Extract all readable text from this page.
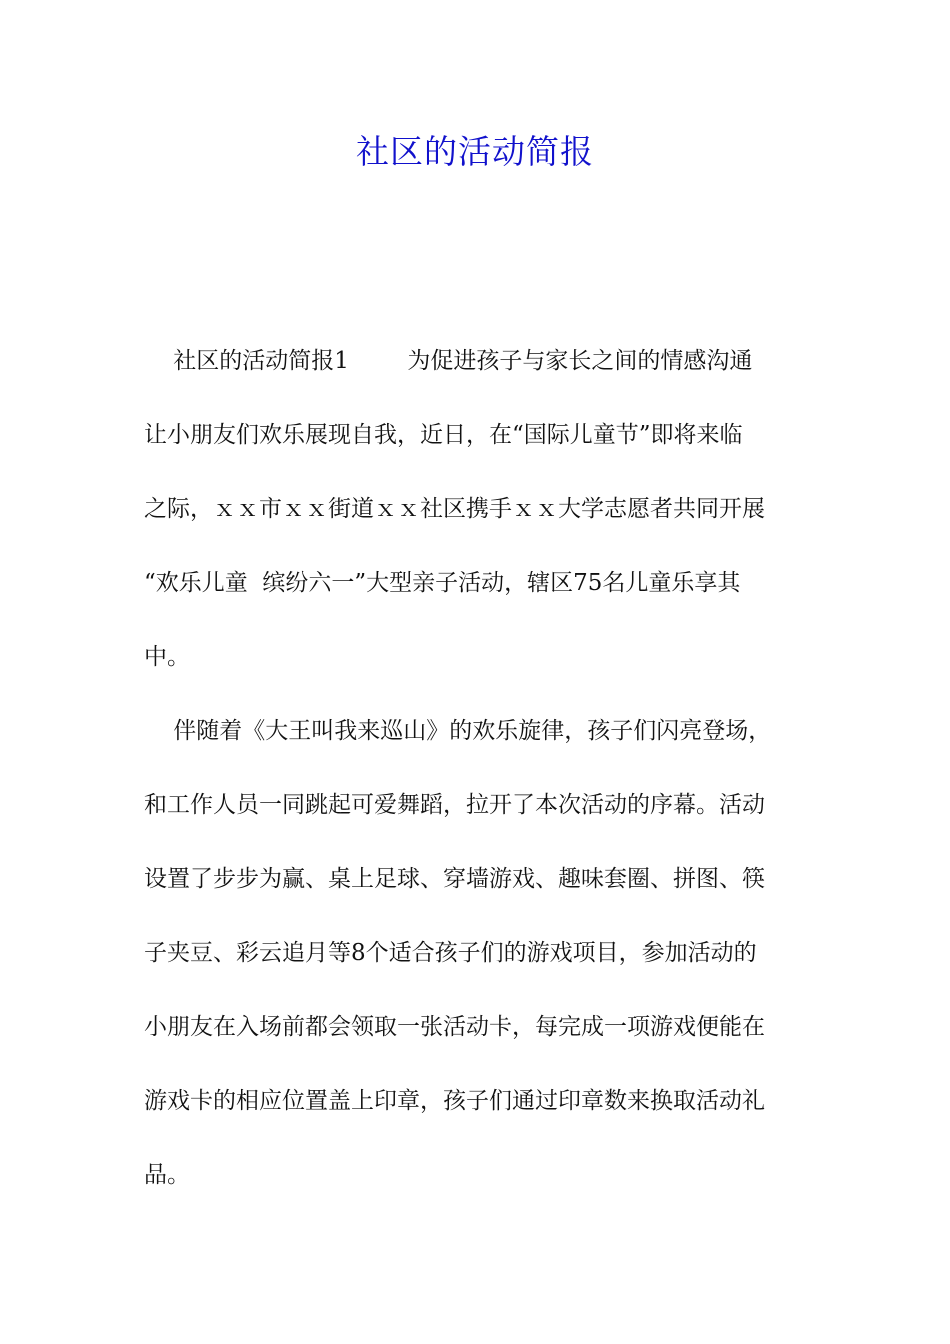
社区的活动简报
社区的活动简报1        为促进孩子与家长之间的情感沟通
让小朋友们欢乐展现自我，近日，在“国际儿童节”即将来临
之际，ｘｘ市ｘｘ街道ｘｘ社区携手ｘｘ大学志愿者共同开展
“欢乐儿童  缤纷六一”大型亲子活动，辖区75名儿童乐享其
中。
伴随着《大王叫我来巡山》的欢乐旋律，孩子们闪亮登场，
和工作人员一同跳起可爱舞蹈，拉开了本次活动的序幕。活动
设置了步步为赢、桌上足球、穿墙游戏、趣味套圈、拼图、筷
子夹豆、彩云追月等8个适合孩子们的游戏项目，参加活动的
小朋友在入场前都会领取一张活动卡，每完成一项游戏便能在
游戏卡的相应位置盖上印章，孩子们通过印章数来换取活动礼
品。
